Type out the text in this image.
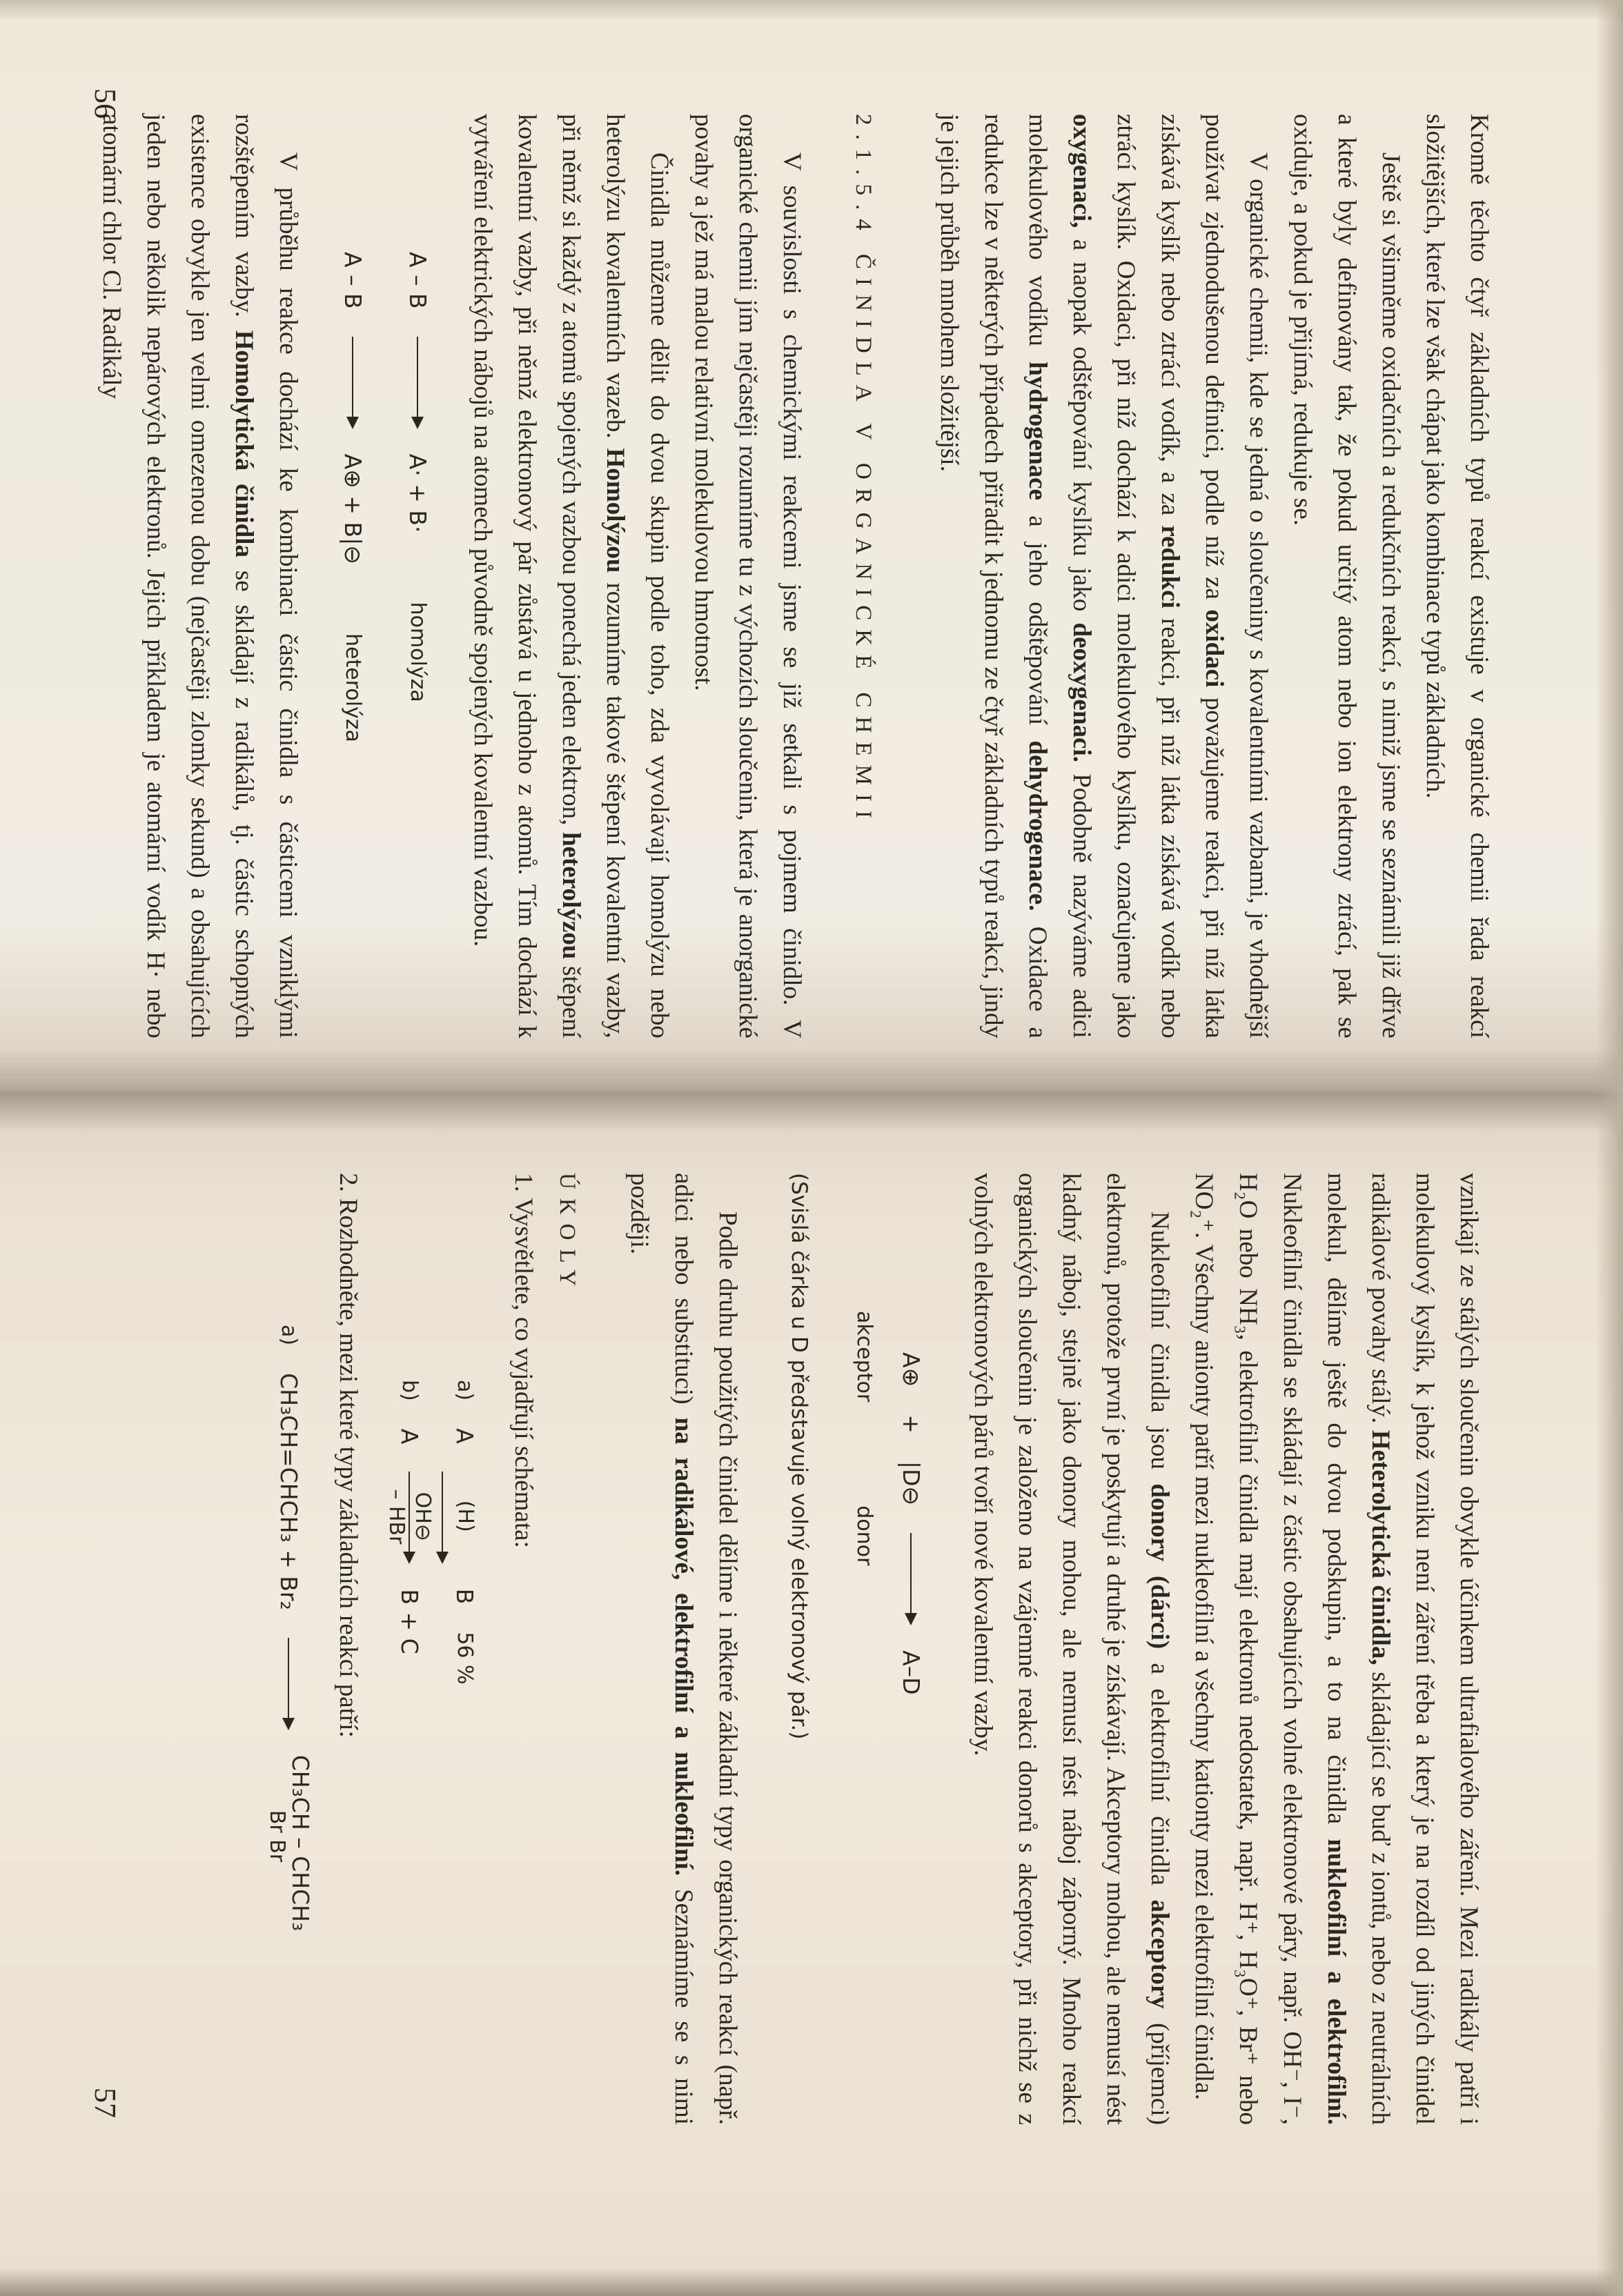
56
57

Kromě těchto čtyř základních typů reakcí existuje v organické chemii řada reakcí složitějších, které lze však chápat jako kombinace typů základních.

Ještě si všimněme oxidačních a redukčních reakcí, s nimiž jsme se seznámili již dříve a které byly definovány tak, že pokud určitý atom nebo ion elektrony ztrácí, pak se oxiduje, a pokud je přijímá, redukuje se.

V organické chemii, kde se jedná o sloučeniny s kovalentními vazbami, je vhodnější používat zjednodušenou definici, podle níž za oxidaci považujeme reakci, při níž látka získává kyslík nebo ztrácí vodík, a za redukci reakci, při níž látka získává vodík nebo ztrácí kyslík. Oxidaci, při níž dochází k adici molekulového kyslíku, označujeme jako oxygenaci, a naopak odštěpování kyslíku jako deoxygenaci. Podobně nazýváme adici molekulového vodíku hydrogenace a jeho odštěpování dehydrogenace. Oxidace a redukce lze v některých případech přiřadit k jednomu ze čtyř základních typů reakcí, jindy je jejich průběh mnohem složitější.

2.1.5.4 ČINIDLA V ORGANICKÉ CHEMII

V souvislosti s chemickými reakcemi jsme se již setkali s pojmem činidlo. V organické chemii jím nejčastěji rozumíme tu z výchozích sloučenin, která je anorganické povahy a jež má malou relativní molekulovou hmotnost.

Činidla můžeme dělit do dvou skupin podle toho, zda vyvolávají homolýzu nebo heterolýzu kovalentních vazeb. Homolýzou rozumíme takové štěpení kovalentní vazby, při němž si každý z atomů spojených vazbou ponechá jeden elektron, heterolýzou štěpení kovalentní vazby, při němž elektronový pár zůstává u jednoho z atomů. Tím dochází k vytváření elektrických nábojů na atomech původně spojených kovalentní vazbou.

A – B
A· + B·
homolýza
A – B
A⊕ + B|⊖
heterolýza

V průběhu reakce dochází ke kombinaci částic činidla s částicemi vzniklými rozštěpením vazby. Homolytická činidla se skládají z radikálů, tj. částic schopných existence obvykle jen velmi omezenou dobu (nejčastěji zlomky sekund) a obsahujících jeden nebo několik nepárových elektronů. Jejich příkladem je atomární vodík H· nebo atomární chlor Cl. Radikály

vznikají ze stálých sloučenin obvykle účinkem ultrafialového záření. Mezi radikály patří i molekulový kyslík, k jehož vzniku není záření třeba a který je na rozdíl od jiných činidel radikálové povahy stálý. Heterolytická činidla, skládající se buď z iontů, nebo z neutrálních molekul, dělíme ještě do dvou podskupin, a to na činidla nukleofilní a elektrofilní. Nukleofilní činidla se skládají z částic obsahujících volné elektronové páry, např. OH⁻, I⁻, H₂O nebo NH₃, elektrofilní činidla mají elektronů nedostatek, např. H⁺, H₃O⁺, Br⁺ nebo NO₂⁺. Všechny anionty patří mezi nukleofilní a všechny kationty mezi elektrofilní činidla.

Nukleofilní činidla jsou donory (dárci) a elektrofilní činidla akceptory (příjemci) elektronů, protože první je poskytují a druhé je získávají. Akceptory mohou, ale nemusí nést kladný náboj, stejně jako donory mohou, ale nemusí nést náboj záporný. Mnoho reakcí organických sloučenin je založeno na vzájemné reakci donorů s akceptory, při nichž se z volných elektronových párů tvoří nové kovalentní vazby.

A⊕
+
|D⊖
A–D
akceptor
donor

(Svislá čárka u D představuje volný elektronový pár.)

Podle druhu použitých činidel dělíme i některé základní typy organických reakcí (např. adici nebo substituci) na radikálové, elektrofilní a nukleofilní. Seznámíme se s nimi později.

ÚKOLY

1. Vysvětlete, co vyjadřují schémata:

a)
A
(H)
B
56 %
b)
A
OH⊖
– HBr
B + C

2. Rozhodněte, mezi které typy základních reakcí patří:

a)
CH₃CH=CHCH₃ + Br₂
CH₃CH – CHCH₃
Br Br
